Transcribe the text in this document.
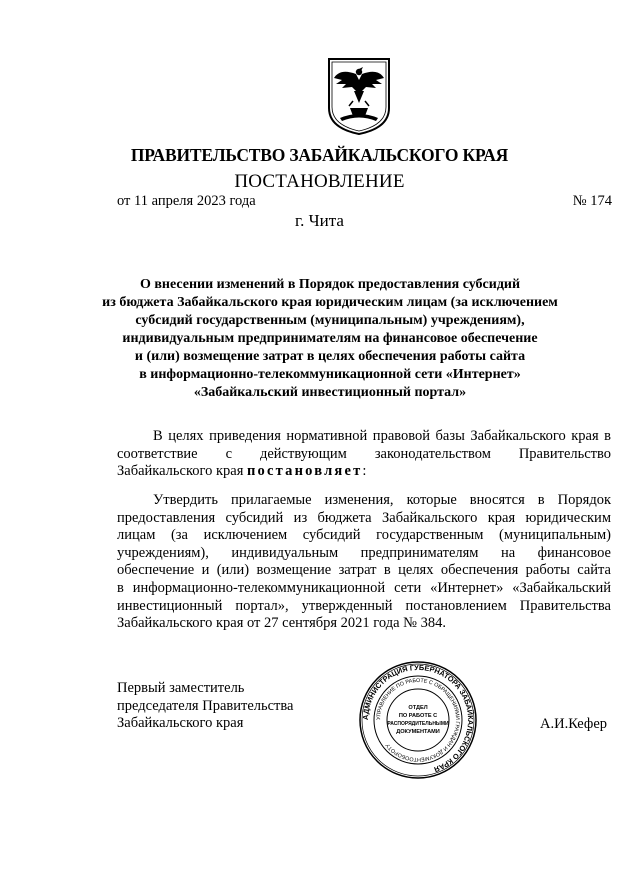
ПРАВИТЕЛЬСТВО ЗАБАЙКАЛЬСКОГО КРАЯ
ПОСТАНОВЛЕНИЕ
от 11 апреля 2023 года	№ 174
г. Чита
О внесении изменений в Порядок предоставления субсидий
из бюджета Забайкальского края юридическим лицам (за исключением
субсидий государственным (муниципальным) учреждениям),
индивидуальным предпринимателям на финансовое обеспечение
и (или) возмещение затрат в целях обеспечения работы сайта
в информационно-телекоммуникационной сети «Интернет»
«Забайкальский инвестиционный портал»
В целях приведения нормативной правовой базы Забайкальского края в
соответствие с действующим законодательством Правительство
Забайкальского края постановляет:
Утвердить прилагаемые изменения, которые вносятся в Порядок
предоставления субсидий из бюджета Забайкальского края юридическим
лицам (за исключением субсидий государственным (муниципальным)
учреждениям), индивидуальным предпринимателям на финансовое
обеспечение и (или) возмещение затрат в целях обеспечения работы сайта
в информационно-телекоммуникационной сети «Интернет» «Забайкальский
инвестиционный портал», утвержденный постановлением Правительства
Забайкальского края от 27 сентября 2021 года № 384.
Первый заместитель
председателя Правительства
Забайкальского края	АДМИНИСТРАЦИЯ ГУБЕРНАТОРА ЗАБАЙКАЛЬСКОГО КРАЯ
УПРАВЛЕНИЕ ПО РАБОТЕ С ОБРАЩЕНИЯМИ ГРАЖДАН И ДОКУМЕНТООБОРОТУ
ОТДЕЛ
ПО РАБОТЕ С
РАСПОРЯДИТЕЛЬНЫМИ
ДОКУМЕНТАМИ	А.И.Кефер
